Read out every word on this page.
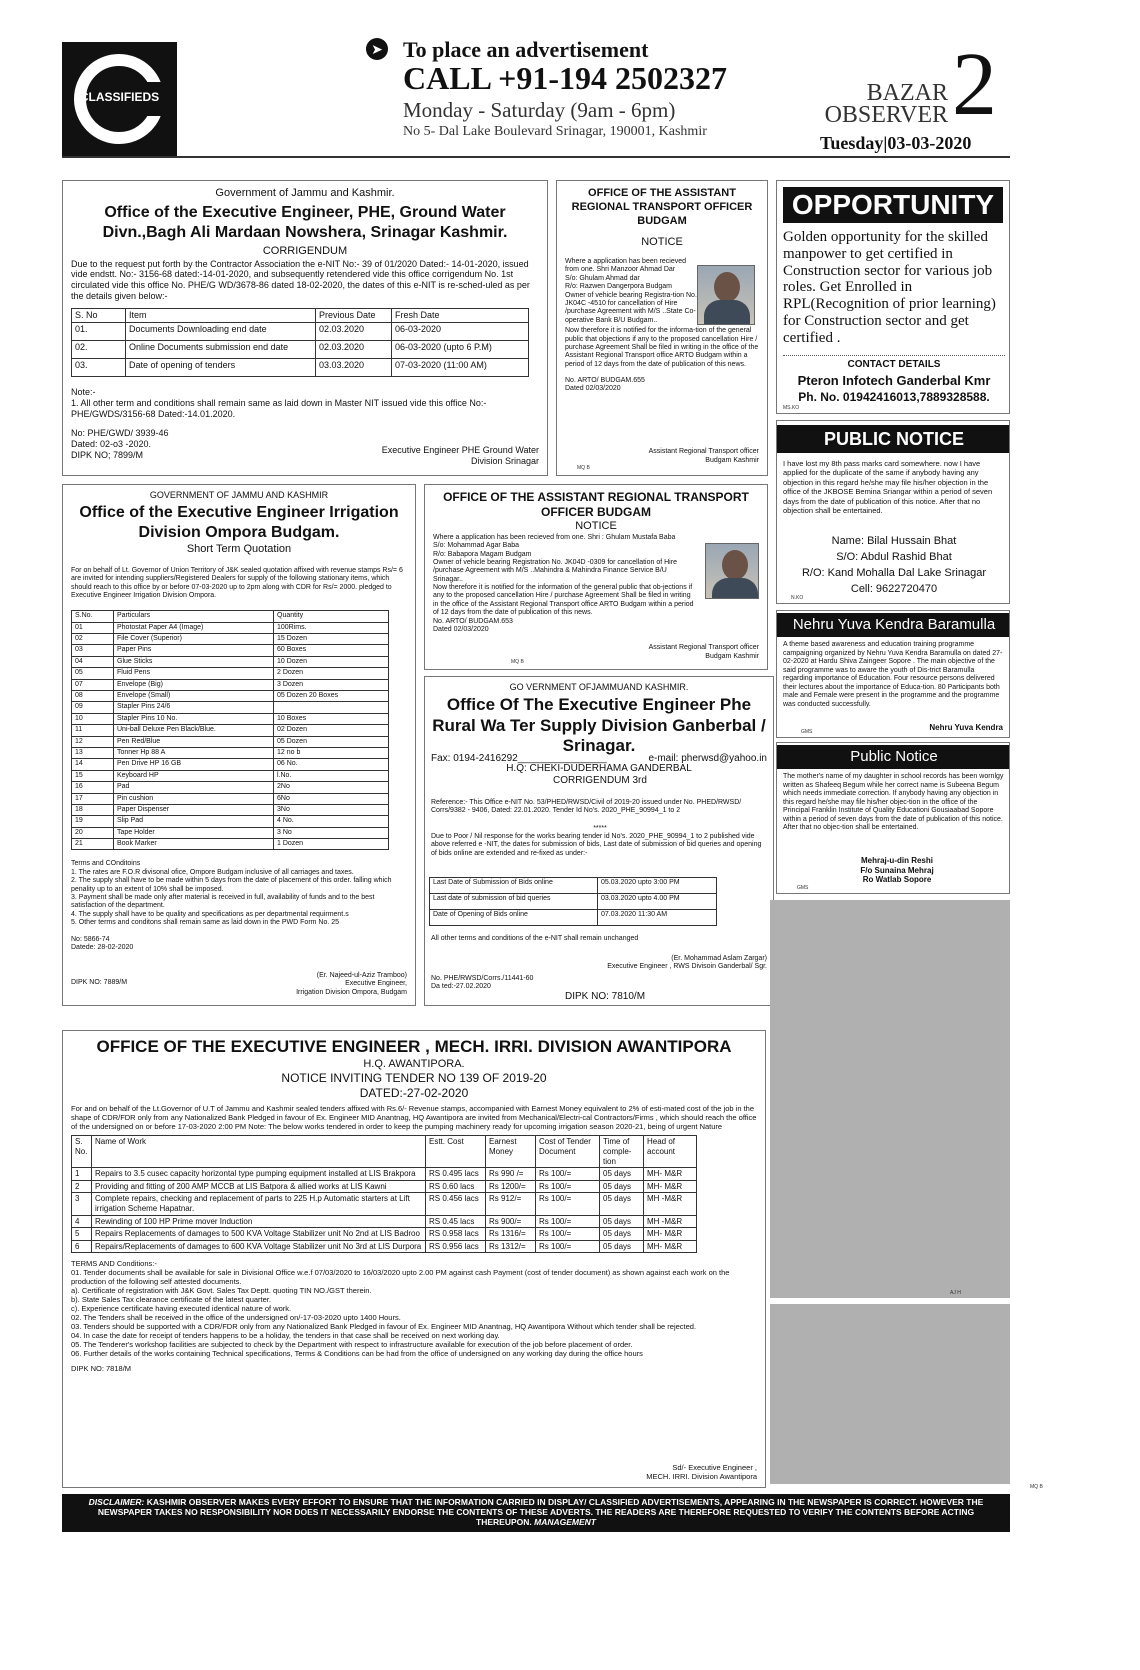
CLASSIFIEDS
➤ To place an advertisement
CALL +91-194 2502327
Monday - Saturday (9am - 6pm)
No 5- Dal Lake Boulevard Srinagar, 190001, Kashmir
BAZAR
OBSERVER 2
Tuesday|03-03-2020
Government of Jammu and Kashmir.
Office of the Executive Engineer, PHE, Ground Water Divn.,Bagh Ali Mardaan Nowshera, Srinagar Kashmir.
CORRIGENDUM
Due to the request put forth by the Contractor Association the e-NIT No:- 39 of 01/2020 Dated:- 14-01-2020, issued vide endstt. No:- 3156-68 dated:-14-01-2020, and subsequently retendered vide this office corrigendum No. 1st circulated vide this office No. PHE/G WD/3678-86 dated 18-02-2020, the dates of this e-NIT is re-sched-uled as per the details given below:-
S. No	Item	Previous Date	Fresh Date
01.	Documents Downloading end date	02.03.2020	06-03-2020
02.	Online Documents submission end date	02.03.2020	06-03-2020 (upto 6 P.M)
03.	Date of opening of tenders	03.03.2020	07-03-2020 (11:00 AM)
Note:-
1. All other term and conditions shall remain same as laid down in Master NIT issued vide this office No:- PHE/GWDS/3156-68 Dated:-14.01.2020.
No: PHE/GWD/ 3939-46
Dated: 02-o3 -2020.
DIPK NO; 7899/M
Executive Engineer PHE Ground Water
Division Srinagar
OFFICE OF THE ASSISTANT REGIONAL TRANSPORT OFFICER BUDGAM
NOTICE
Where a application has been recieved from one. Shri Manzoor Ahmad Dar
S/o: Ghulam Ahmad dar
R/o: Razwen Dangerpora Budgam
Owner of vehicle bearing Registra-tion No. JK04C -4510 for cancellation of Hire /purchase Agreement with M/S ..State Co-operative Bank B/U Budgam..
Now therefore it is notified for the informa-tion of the general public that objections if any to the proposed cancellation Hire / purchase Agreement Shall be filed in writing in the office of the Assistant Regional Transport office ARTO Budgam within a period of 12 days from the date of publication of this news.
No. ARTO/ BUDGAM.655
Dated 02/03/2020
Assistant Regional Transport officer
Budgam Kashmir
MQ B
OPPORTUNITY
Golden opportunity for the skilled manpower to get certified in Construction sector for various job roles. Get Enrolled in RPL(Recognition of prior learning) for Construction sector and get certified .
CONTACT DETAILS
Pteron Infotech Ganderbal Kmr
Ph. No. 01942416013,7889328588.
MS.KO
PUBLIC NOTICE
I have lost my 8th pass marks card somewhere. now I have applied for the duplicate of the same if anybody having any objection in this regard he/she may file his/her objection in the office of the JKBOSE Bemina Sriangar within a period of seven days from the date of publication of this notice. After that no objection shall be entertained.
Name: Bilal Hussain Bhat
S/O: Abdul Rashid Bhat
R/O: Kand Mohalla Dal Lake Srinagar
Cell: 9622720470
N.KO
GOVERNMENT OF JAMMU AND KASHMIR
Office of the Executive Engineer Irrigation Division Ompora Budgam.
Short Term Quotation
For on behalf of Lt. Governor of Union Territory of J&K sealed quotation affixed with revenue stamps Rs/= 6 are invited for intending suppliers/Registered Dealers for supply of the following stationary items, which should reach to this office by or before 07-03-2020 up to 2pm along with CDR for Rs/= 2000. pledged to Executive Engineer Irrigation Division Ompora.
S.No.	Particulars	Quantity
01	Photostat Paper A4 (Image)	100Rims.
02	File Cover (Superior)	15 Dozen
03	Paper Pins	60 Boxes
04	Glue Sticks	10 Dozen
05	Fluid Pens	2 Dozen
07	Envelope (Big)	3 Dozen
08	Envelope (Small)	05 Dozen 20 Boxes
09	Stapler Pins 24/6	
10	Stapler Pins 10 No.	10 Boxes
11	Uni-ball Deluxe Pen Black/Blue.	02 Dozen
12	Pen Red/Blue	05 Dozen
13	Tonner Hp 88 A	12 no b
14	Pen Drive HP 16 GB	06 No.
15	Keyboard HP	l.No.
16	Pad	2No
17	Pin cushion	6No
18	Paper Dispenser	3No
19	Slip Pad	4 No.
20	Tape Holder	3 No
21	Book Marker	1 Dozen
Terms and COnditoins
1. The rates are F.O.R divisonal ofice, Ompore Budgam inclusive of all carriages and taxes.
2. The supply shall have to be made within 5 days from the date of placement of this order. falling which penality up to an extent of 10% shall be imposed.
3. Payment shall be made only after material is received in full, availability of funds and to the best satisfaction of the department.
4. The supply shall have to be quality and specifications as per departmental requirment.s
5. Other terms and conditons shall remain same as laid down in the PWD Form No. 25
No: 5866-74
Datede: 28-02-2020
DIPK NO: 7889/M
(Er. Najeed-ul-Aziz Tramboo)
Executive Engineer,
Irrigation Division Ompora, Budgam
OFFICE OF THE ASSISTANT REGIONAL TRANSPORT OFFICER BUDGAM
NOTICE
Where a application has been recieved from one. Shri : Ghulam Mustafa Baba
S/o: Mohammad Agar Baba
R/o: Babapora Magam Budgam
Owner of vehicle bearing Registration No. JK04D -0309 for cancellation of Hire /purchase Agreement with M/S ..Mahindra & Mahindra Finance Service B/U Srinagar..
Now therefore it is notified for the information of the general public that ob-jections if any to the proposed cancellation Hire / purchase Agreement Shall be filed in writing in the office of the Assistant Regional Transport office ARTO Budgam within a period of 12 days from the date of publication of this news.
No. ARTO/ BUDGAM.653
Dated 02/03/2020
Assistant Regional Transport officer
Budgam Kashmir
MQ B
GO VERNMENT OFJAMMUAND KASHMIR.
Office Of The Executive Engineer Phe Rural Wa Ter Supply Division Ganberbal / Srinagar.
H.Q: CHEKI-DUDERHAMA GANDERBAL
Fax: 0194-2416292________________	e-mail: pherwsd@yahoo.in
CORRIGENDUM 3rd
Reference:- This Office e-NIT No. 53/PHED/RWSD/Civil of 2019-20 issued under No. PHED/RWSD/ Corrs/9382 - 9406, Dated: 22.01.2020. Tender Id No's. 2020_PHE_90994_1 to 2
*****
Due to Poor / Nil response for the works bearing tender id No's. 2020_PHE_90994_1 to 2 published vide above referred e -NIT, the dates for submission of bids, Last date of submission of bid queries and opening of bids online are extended and re-fixed as under:-
Last Date of Submission of Bids online	05.03.2020 upto 3:00 PM
Last date of submission of bid queries	03.03.2020 upto 4.00 PM
Date of Opening of Bids online	07.03.2020 11:30 AM
All other terms and conditions of the e-NIT shall remain unchanged
(Er. Mohammad Aslam Zargar)
Executive Engineer , RWS Divisoin Ganderbal/ Sgr.
No. PHE/RWSD/Corrs./11441-60
Da ted:-27.02.2020
DIPK NO: 7810/M
Nehru Yuva Kendra Baramulla
A theme based awareness and education training programme campaigning organized by Nehru Yuva Kendra Baramulla on dated 27-02-2020 at Hardu Shiva Zaingeer Sopore . The main objective of the said programme was to aware the youth of Dis-trict Baramulla regarding importance of Education. Four resource persons delivered their lectures about the importance of Educa-tion. 80 Participants both male and Female were present in the programme and the programme was conducted successfully.
Nehru Yuva Kendra
GMS
Public Notice
The mother's name of my daughter in school records has been wornlgy written as Shafeeq Begum while her correct name is Subeena Begum which needs immediate correction. If anybody having any objection in this regard he/she may file his/her objec-tion in the office of the Principal Franklin Institute of Quality Educationi Gousiaabad Sopore within a period of seven days from the date of publication of this notice. After that no objec-tion shall be entertained.
Mehraj-u-din Reshi
F/o Sunaina Mehraj
Ro Watlab Sopore
GMS
AJ H
MQ B
OFFICE OF THE EXECUTIVE ENGINEER , MECH. IRRI. DIVISION AWANTIPORA
H.Q. AWANTIPORA.
NOTICE INVITING TENDER NO 139 OF 2019-20
DATED:-27-02-2020
For and on behalf of the Lt.Governor of U.T of Jammu and Kashmir sealed tenders affixed with Rs.6/- Revenue stamps, accompanied with Earnest Money equivalent to 2% of esti-mated cost of the job in the shape of CDR/FDR only from any Nationalized Bank Pledged in favour of Ex. Engineer MID Anantnag, HQ Awantipora are invited from Mechanical/Electri-cal Contractors/Firms , which should reach the office of the undersigned on or before 17-03-2020 2:00 PM Note: The below works tendered in order to keep the pumping machinery ready for upcoming irrigation season 2020-21, being of urgent Nature
S. No.	Name of Work	Estt. Cost	Earnest Money	Cost of Tender Document	Time of comple-tion	Head of account
1	Repairs to 3.5 cusec capacity horizontal type pumping equipment installed at LIS Brakpora	RS 0.495 lacs	Rs 990 /=	Rs 100/=	05 days	MH- M&R
2	Providing and fitting of 200 AMP MCCB at LIS Batpora & allied works at LIS Kawni	RS 0.60 lacs	Rs 1200/=	Rs 100/=	05 days	MH- M&R
3	Complete repairs, checking and replacement of parts to 225 H.p Automatic starters at Lift irrigation Scheme Hapatnar.	RS 0.456 lacs	Rs 912/=	Rs 100/=	05 days	MH -M&R
4	Rewinding of 100 HP Prime mover Induction	RS 0.45 lacs	Rs 900/=	Rs 100/=	05 days	MH -M&R
5	Repairs Replacements of damages to 500 KVA Voltage Stabilizer unit No 2nd at LIS Badroo	RS 0.958 lacs	Rs 1316/=	Rs 100/=	05 days	MH- M&R
6	Repairs/Replacements of damages to 600 KVA Voltage Stabilizer unit No 3rd at LIS Durpora	RS 0.956 lacs	Rs 1312/=	Rs 100/=	05 days	MH- M&R
TERMS AND Conditions:-
01. Tender documents shall be available for sale in Divisional Office w.e.f 07/03/2020 to 16/03/2020 upto 2.00 PM against cash Payment (cost of tender document) as shown against each work on the production of the following self attested documents.
a). Certificate of registration with J&K Govt. Sales Tax Deptt. quoting TIN NO./GST therein.
b). State Sales Tax clearance certificate of the latest quarter.
c). Experience certificate having executed identical nature of work.
02. The Tenders shall be received in the office of the undersigned on/-17-03-2020 upto 1400 Hours.
03. Tenders should be supported with a CDR/FDR only from any Nationalized Bank Pledged in favour of Ex. Engineer MID Anantnag, HQ Awantipora Without which tender shall be rejected.
04. In case the date for receipt of tenders happens to be a holiday, the tenders in that case shall be received on next working day.
05. The Tenderer's workshop facilities are subjected to check by the Department with respect to infrastructure available for execution of the job before placement of order.
06. Further details of the works containing Technical specifications, Terms & Conditions can be had from the office of undersigned on any working day during the office hours
DIPK NO: 7818/M
Sd/- Executive Engineer ,
MECH. IRRI. Division Awantipora
DISCLAIMER: KASHMIR OBSERVER MAKES EVERY EFFORT TO ENSURE THAT THE INFORMATION CARRIED IN DISPLAY/ CLASSIFIED ADVERTISEMENTS, APPEARING IN THE NEWSPAPER IS CORRECT. HOWEVER THE NEWSPAPER TAKES NO RESPONSIBILITY NOR DOES IT NECESSARILY ENDORSE THE CONTENTS OF THESE ADVERTS. THE READERS ARE THEREFORE REQUESTED TO VERIFY THE CONTENTS BEFORE ACTING THEREUPON. MANAGEMENT
